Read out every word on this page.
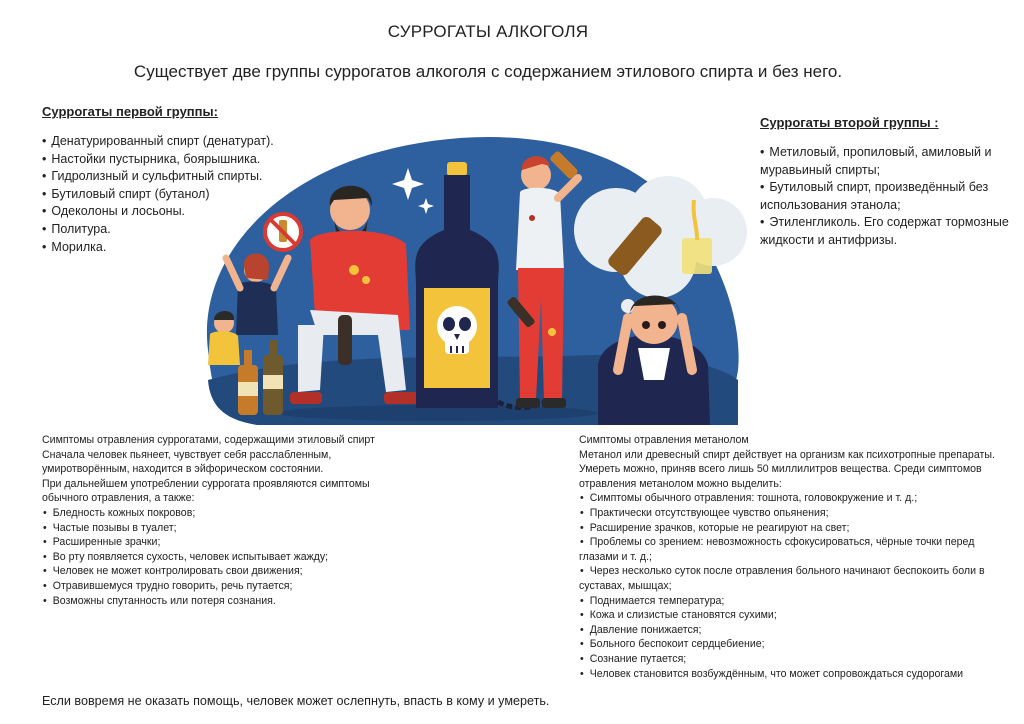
СУРРОГАТЫ АЛКОГОЛЯ
Существует две группы суррогатов алкоголя с содержанием этилового спирта и без него.
Суррогаты первой группы:
• Денатурированный спирт (денатурат).
• Настойки пустырника, боярышника.
• Гидролизный и сульфитный спирты.
• Бутиловый спирт (бутанол)
• Одеколоны и лосьоны.
• Политура.
• Морилка.
Суррогаты второй группы :
• Метиловый, пропиловый, амиловый и муравьиный спирты;
• Бутиловый спирт, произведённый без использования этанола;
• Этиленгликоль. Его содержат тормозные жидкости и антифризы.

Симптомы отравления суррогатами, содержащими этиловый спирт

Сначала человек пьянеет, чувствует себя расслабленным, умиротворённым, находится в эйфорическом состоянии.

При дальнейшем употреблении суррогата проявляются симптомы обычного отравления, а также:

• Бледность кожных покровов;
• Частые позывы в туалет;
• Расширенные зрачки;
• Во рту появляется сухость, человек испытывает жажду;
• Человек не может контролировать свои движения;
• Отравившемуся трудно говорить, речь путается;
• Возможны спутанность или потеря сознания.

Симптомы отравления метанолом

Метанол или древесный спирт действует на организм как психотропные препараты. Умереть можно, приняв всего лишь 50 миллилитров вещества. Среди симптомов отравления метанолом можно выделить:

• Симптомы обычного отравления: тошнота, головокружение и т. д.;
• Практически отсутствующее чувство опьянения;
• Расширение зрачков, которые не реагируют на свет;
• Проблемы со зрением: невозможность сфокусироваться, чёрные точки перед глазами и т. д.;
• Через несколько суток после отравления больного начинают беспокоить боли в суставах, мышцах;
• Поднимается температура;
• Кожа и слизистые становятся сухими;
• Давление понижается;
• Больного беспокоит сердцебиение;
• Сознание путается;
• Человек становится возбуждённым, что может сопровождаться судорогами
Если вовремя не оказать помощь, человек может ослепнуть, впасть в кому и умереть.
